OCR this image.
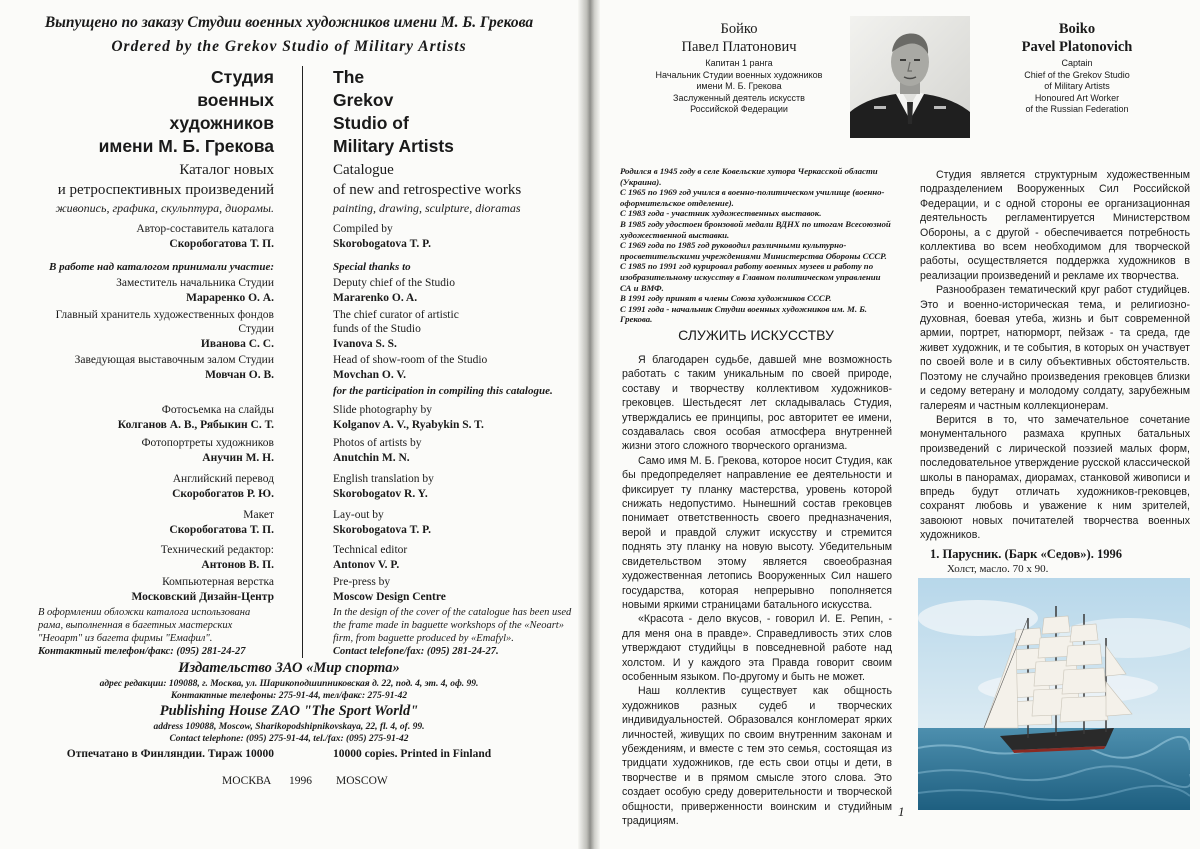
Выпущено по заказу Студии военных художников имени М. Б. Грекова

Ordered by the Grekov Studio of Military Artists

Студия
военных
художников
имени М. Б. Грекова
The
Grekov
Studio of
Military Artists
Каталог новых
и ретроспективных произведений
живопись, графика, скульптура, диорамы.
Catalogue
of new and retrospective works
painting, drawing, sculpture, dioramas
Автор-составитель каталога
Скоробогатова Т. П.
В работе над каталогом принимали участие:
Заместитель начальника Студии
Марарeнко О. А.
Главный хранитель художественных фондов Студии
Иванова С. С.
Заведующая выставочным залом Студии
Мовчан О. В.
Фотосъемка на слайды
Колганов А. В., Рябыкин С. Т.
Фотопортреты художников
Анучин М. Н.
Английский перевод
Скоробогатов Р. Ю.
Макет
Скоробогатова Т. П.
Технический редактор:
Антонов В. П.
Компьютерная верстка
Московский Дизайн-Центр
Compiled by
Skorobogatova T. P.
Special thanks to
Deputy chief of the Studio
Mararenko O. A.
The chief curator of artistic funds of the Studio
Ivanova S. S.
Head of show-room of the Studio
Movchan O. V.
for the participation in compiling this catalogue.
Slide photography by
Kolganov A. V., Ryabykin S. T.
Photos of artists by
Anutchin M. N.
English translation by
Skorobogatov R. Y.
Lay-out by
Skorobogatova T. P.
Technical editor
Antonov V. P.
Pre-press by
Moscow Design Centre
В оформлении обложки каталога использована
рама, выполненная в багетных мастерских
"Неоарт" из багета фирмы "Емафил".
Контактный телефон/факс: (095) 281-24-27
In the design of the cover of the catalogue has been used
the frame made in baguette workshops of the «Neoart»
firm, from baguette produced by «Emafyl».
Contact telefone/fax: (095) 281-24-27.
Издательство ЗАО «Мир спорта»
адрес редакции: 109088, г. Москва, ул. Шарикоподшипниковская д. 22, под. 4, эт. 4, оф. 99.
Контактные телефоны: 275-91-44, тел/факс: 275-91-42
Publishing House ZAO "The Sport World"
address 109088, Moscow, Sharikopodshipnikovskaya, 22, fl. 4, of. 99.
Contact telephone: (095) 275-91-44, tel./fax: (095) 275-91-42
Отпечатано в Финляндии. Тираж 10000	10000 copies. Printed in Finland
МОСКВА 1996 MOSCOW
Бойко
Павел Платонович
Капитан 1 ранга
Начальник Студии военных художников
имени М. Б. Грекова
Заслуженный деятель искусств
Российской Федерации
Boiko
Pavel Platonovich
Captain
Chief of the Grekov Studio
of Military Artists
Honoured Art Worker
of the Russian Federation

Родился в 1945 году в селе Ковельские хутора Черкасской области (Украина).

С 1965 по 1969 год учился в военно-политическом училище (военно-оформительское отделение).

С 1983 года - участник художественных выставок.

В 1985 году удостоен бронзовой медали ВДНХ по итогам Всесоюзной художественной выставки.

С 1969 года по 1985 год руководил различными культурно-просветительскими учреждениями Министерства Обороны СССР.

С 1985 по 1991 год курировал работу военных музеев и работу по изобразительному искусству в Главном политическом управлении СА и ВМФ.

В 1991 году принят в члены Союза художников СССР.

С 1991 года - начальник Студии военных художников им. М. Б. Грекова.

СЛУЖИТЬ ИСКУССТВУ

Я благодарен судьбе, давшей мне возможность работать с таким уникальным по своей природе, составу и творчеству коллективом художников-грековцев. Шестьдесят лет складывалась Студия, утверждались ее принципы, рос авторитет ее имени, создавалась своя особая атмосфера внутренней жизни этого сложного творческого организма.

Само имя М. Б. Грекова, которое носит Студия, как бы предопределяет направление ее деятельности и фиксирует ту планку мастерства, уровень которой снижать недопустимо. Нынешний состав грековцев понимает ответственность своего предназначения, верой и правдой служит искусству и стремится поднять эту планку на новую высоту. Убедительным свидетельством этому является своеобразная художественная летопись Вооруженных Сил нашего государства, которая непрерывно пополняется новыми яркими страницами батального искусства.

«Красота - дело вкусов, - говорил И. Е. Репин, - для меня она в правде». Справедливость этих слов утверждают студийцы в повседневной работе над холстом. И у каждого эта Правда говорит своим особенным языком. По-другому и быть не может.

Наш коллектив существует как общность художников разных судеб и творческих индивидуальностей. Образовался конгломерат ярких личностей, живущих по своим внутренним законам и убеждениям, и вместе с тем это семья, состоящая из тридцати художников, где есть свои отцы и дети, в творчестве и в прямом смысле этого слова. Это создает особую среду доверительности и творческой общности, приверженности воинским и студийным традициям.

Студия является структурным художественным подразделением Вооруженных Сил Российской Федерации, и с одной стороны ее организационная деятельность регламентируется Министерством Обороны, а с другой - обеспечивается потребность коллектива во всем необходимом для творческой работы, осуществляется поддержка художников в реализации произведений и рекламе их творчества.

Разнообразен тематический круг работ студийцев. Это и военно-историческая тема, и религиозно-духовная, боевая утеба, жизнь и быт современной армии, портрет, натюрморт, пейзаж - та среда, где живет художник, и те события, в которых он участвует по своей воле и в силу объективных обстоятельств. Поэтому не случайно произведения грековцев близки и седому ветерану и молодому солдату, зарубежным галереям и частным коллекционерам.

Верится в то, что замечательное сочетание монументального размаха крупных батальных произведений с лирической поэзией малых форм, последовательное утверждение русской классической школы в панорамах, диорамах, станковой живописи и впредь будут отличать художников-грековцев, сохранят любовь и уважение к ним зрителей, завоюют новых почитателей творчества военных художников.

1. Парусник. (Барк «Седов»). 1996
Холст, масло. 70 х 90.
1
